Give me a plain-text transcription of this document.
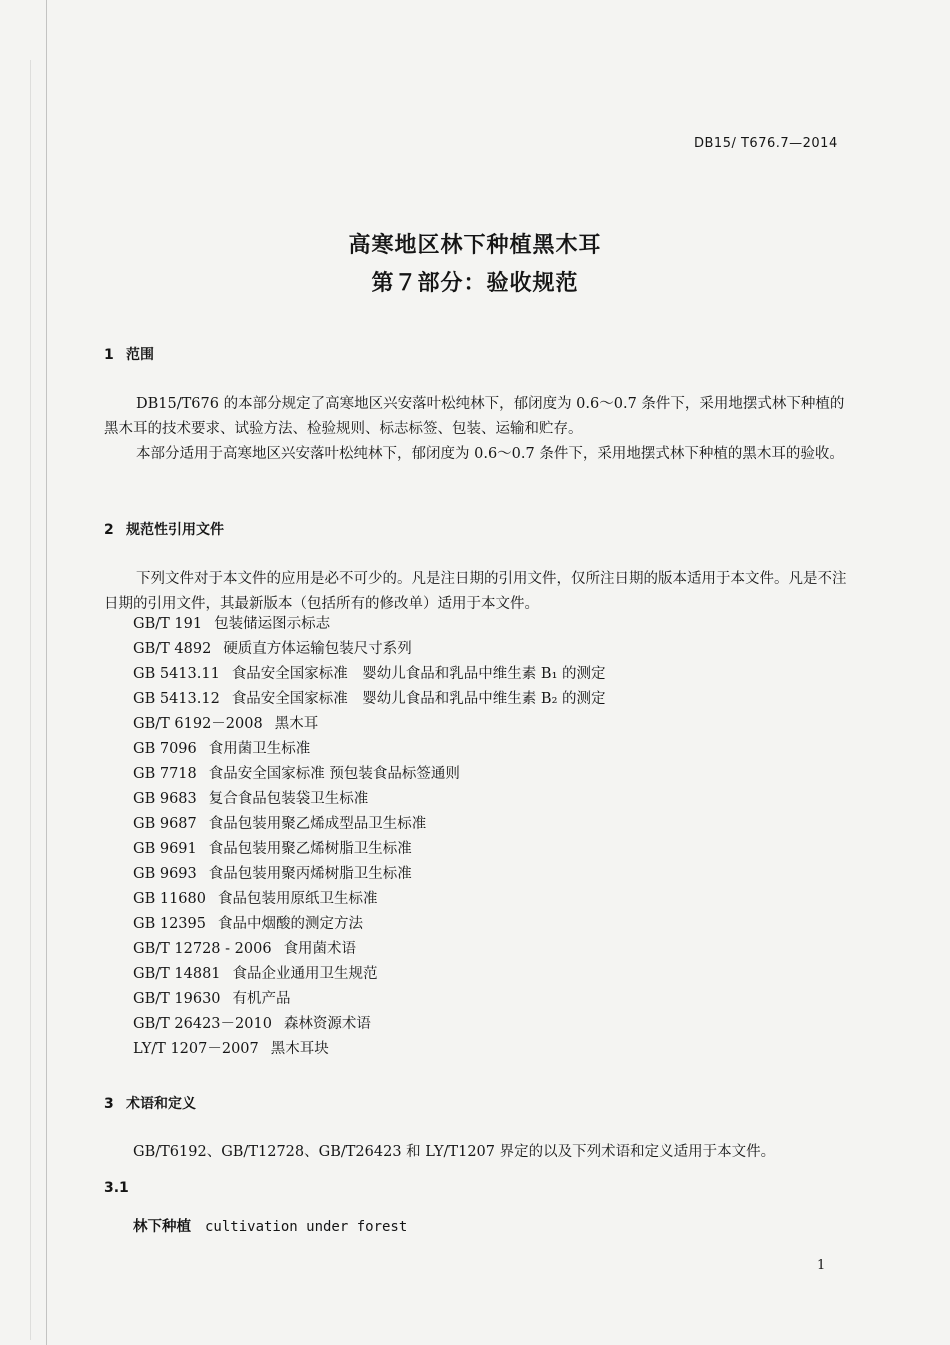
DB15/ T676.7—2014
高寒地区林下种植黑木耳
第７部分：验收规范
1 范围
DB15/T676 的本部分规定了高寒地区兴安落叶松纯林下，郁闭度为 0.6～0.7 条件下，采用地摆式林下种植的黑木耳的技术要求、试验方法、检验规则、标志标签、包装、运输和贮存。
本部分适用于高寒地区兴安落叶松纯林下，郁闭度为 0.6～0.7 条件下，采用地摆式林下种植的黑木耳的验收。
2 规范性引用文件
下列文件对于本文件的应用是必不可少的。凡是注日期的引用文件，仅所注日期的版本适用于本文件。凡是不注日期的引用文件，其最新版本（包括所有的修改单）适用于本文件。
GB/T 191 包装储运图示标志
GB/T 4892 硬质直方体运输包装尺寸系列
GB 5413.11 食品安全国家标准　婴幼儿食品和乳品中维生素 B₁ 的测定
GB 5413.12 食品安全国家标准　婴幼儿食品和乳品中维生素 B₂ 的测定
GB/T 6192－2008 黑木耳
GB 7096 食用菌卫生标准
GB 7718 食品安全国家标准 预包装食品标签通则
GB 9683 复合食品包装袋卫生标准
GB 9687 食品包装用聚乙烯成型品卫生标准
GB 9691 食品包装用聚乙烯树脂卫生标准
GB 9693 食品包装用聚丙烯树脂卫生标准
GB 11680 食品包装用原纸卫生标准
GB 12395 食品中烟酸的测定方法
GB/T 12728 - 2006 食用菌术语
GB/T 14881 食品企业通用卫生规范
GB/T 19630 有机产品
GB/T 26423－2010 森林资源术语
LY/T 1207－2007 黑木耳块
3 术语和定义
GB/T6192、GB/T12728、GB/T26423 和 LY/T1207 界定的以及下列术语和定义适用于本文件。
3.1
林下种植 cultivation under forest
1
